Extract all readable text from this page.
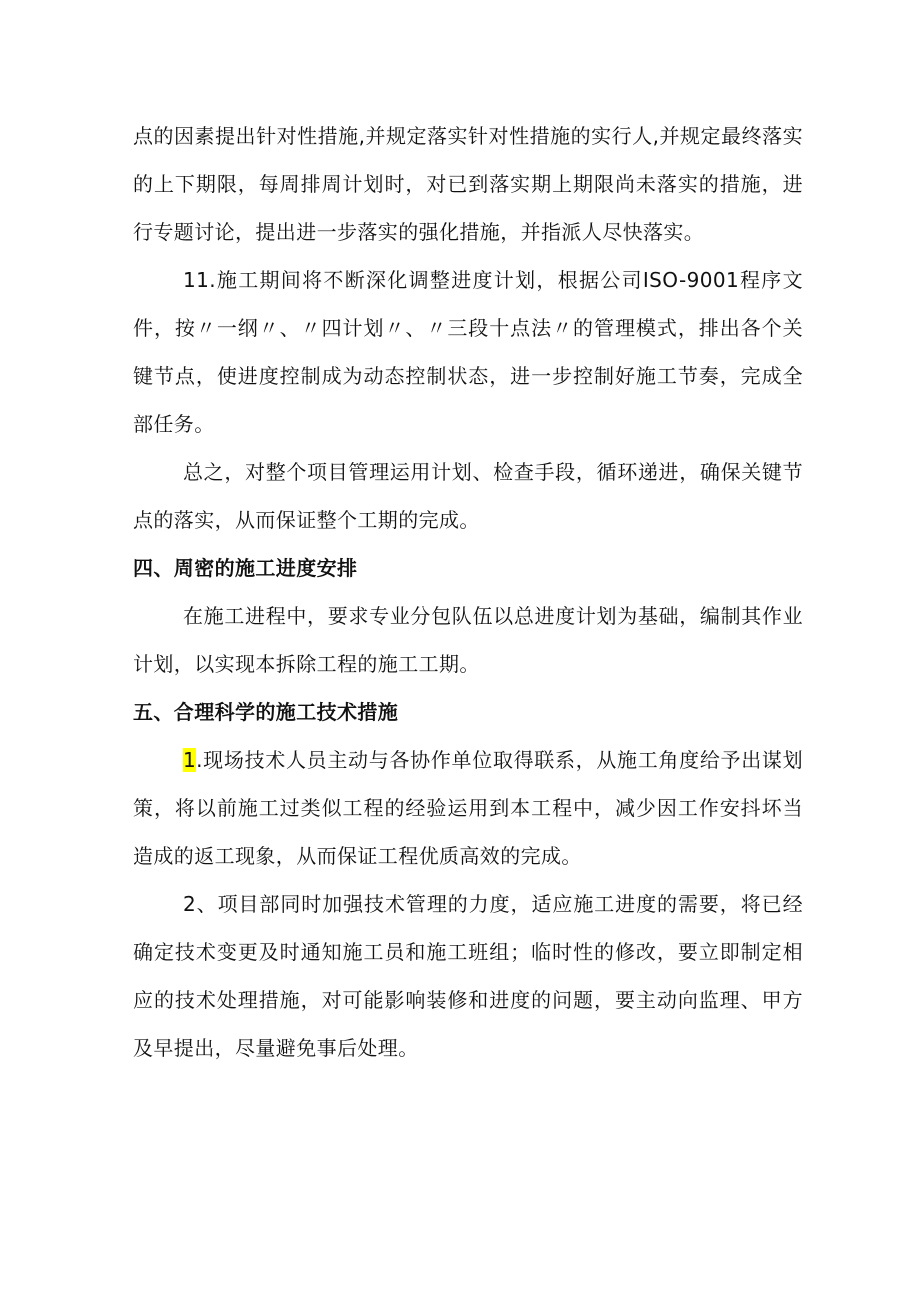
点的因素提出针对性措施,并规定落实针对性措施的实行人,并规定最终落实的上下期限，每周排周计划时，对已到落实期上期限尚未落实的措施，进行专题讨论，提出进一步落实的强化措施，并指派人尽快落实。

11.施工期间将不断深化调整进度计划，根据公司ISO-9001程序文件，按〃一纲〃、〃四计划〃、〃三段十点法〃的管理模式，排出各个关键节点，使进度控制成为动态控制状态，进一步控制好施工节奏，完成全部任务。

总之，对整个项目管理运用计划、检查手段，循环递进，确保关键节点的落实，从而保证整个工期的完成。

四、周密的施工进度安排

在施工进程中，要求专业分包队伍以总进度计划为基础，编制其作业计划，以实现本拆除工程的施工工期。

五、合理科学的施工技术措施

1.现场技术人员主动与各协作单位取得联系，从施工角度给予出谋划策，将以前施工过类似工程的经验运用到本工程中，减少因工作安抖坏当造成的返工现象，从而保证工程优质高效的完成。

2、项目部同时加强技术管理的力度，适应施工进度的需要，将已经确定技术变更及时通知施工员和施工班组；临时性的修改，要立即制定相应的技术处理措施，对可能影响装修和进度的问题，要主动向监理、甲方及早提出，尽量避免事后处理。
